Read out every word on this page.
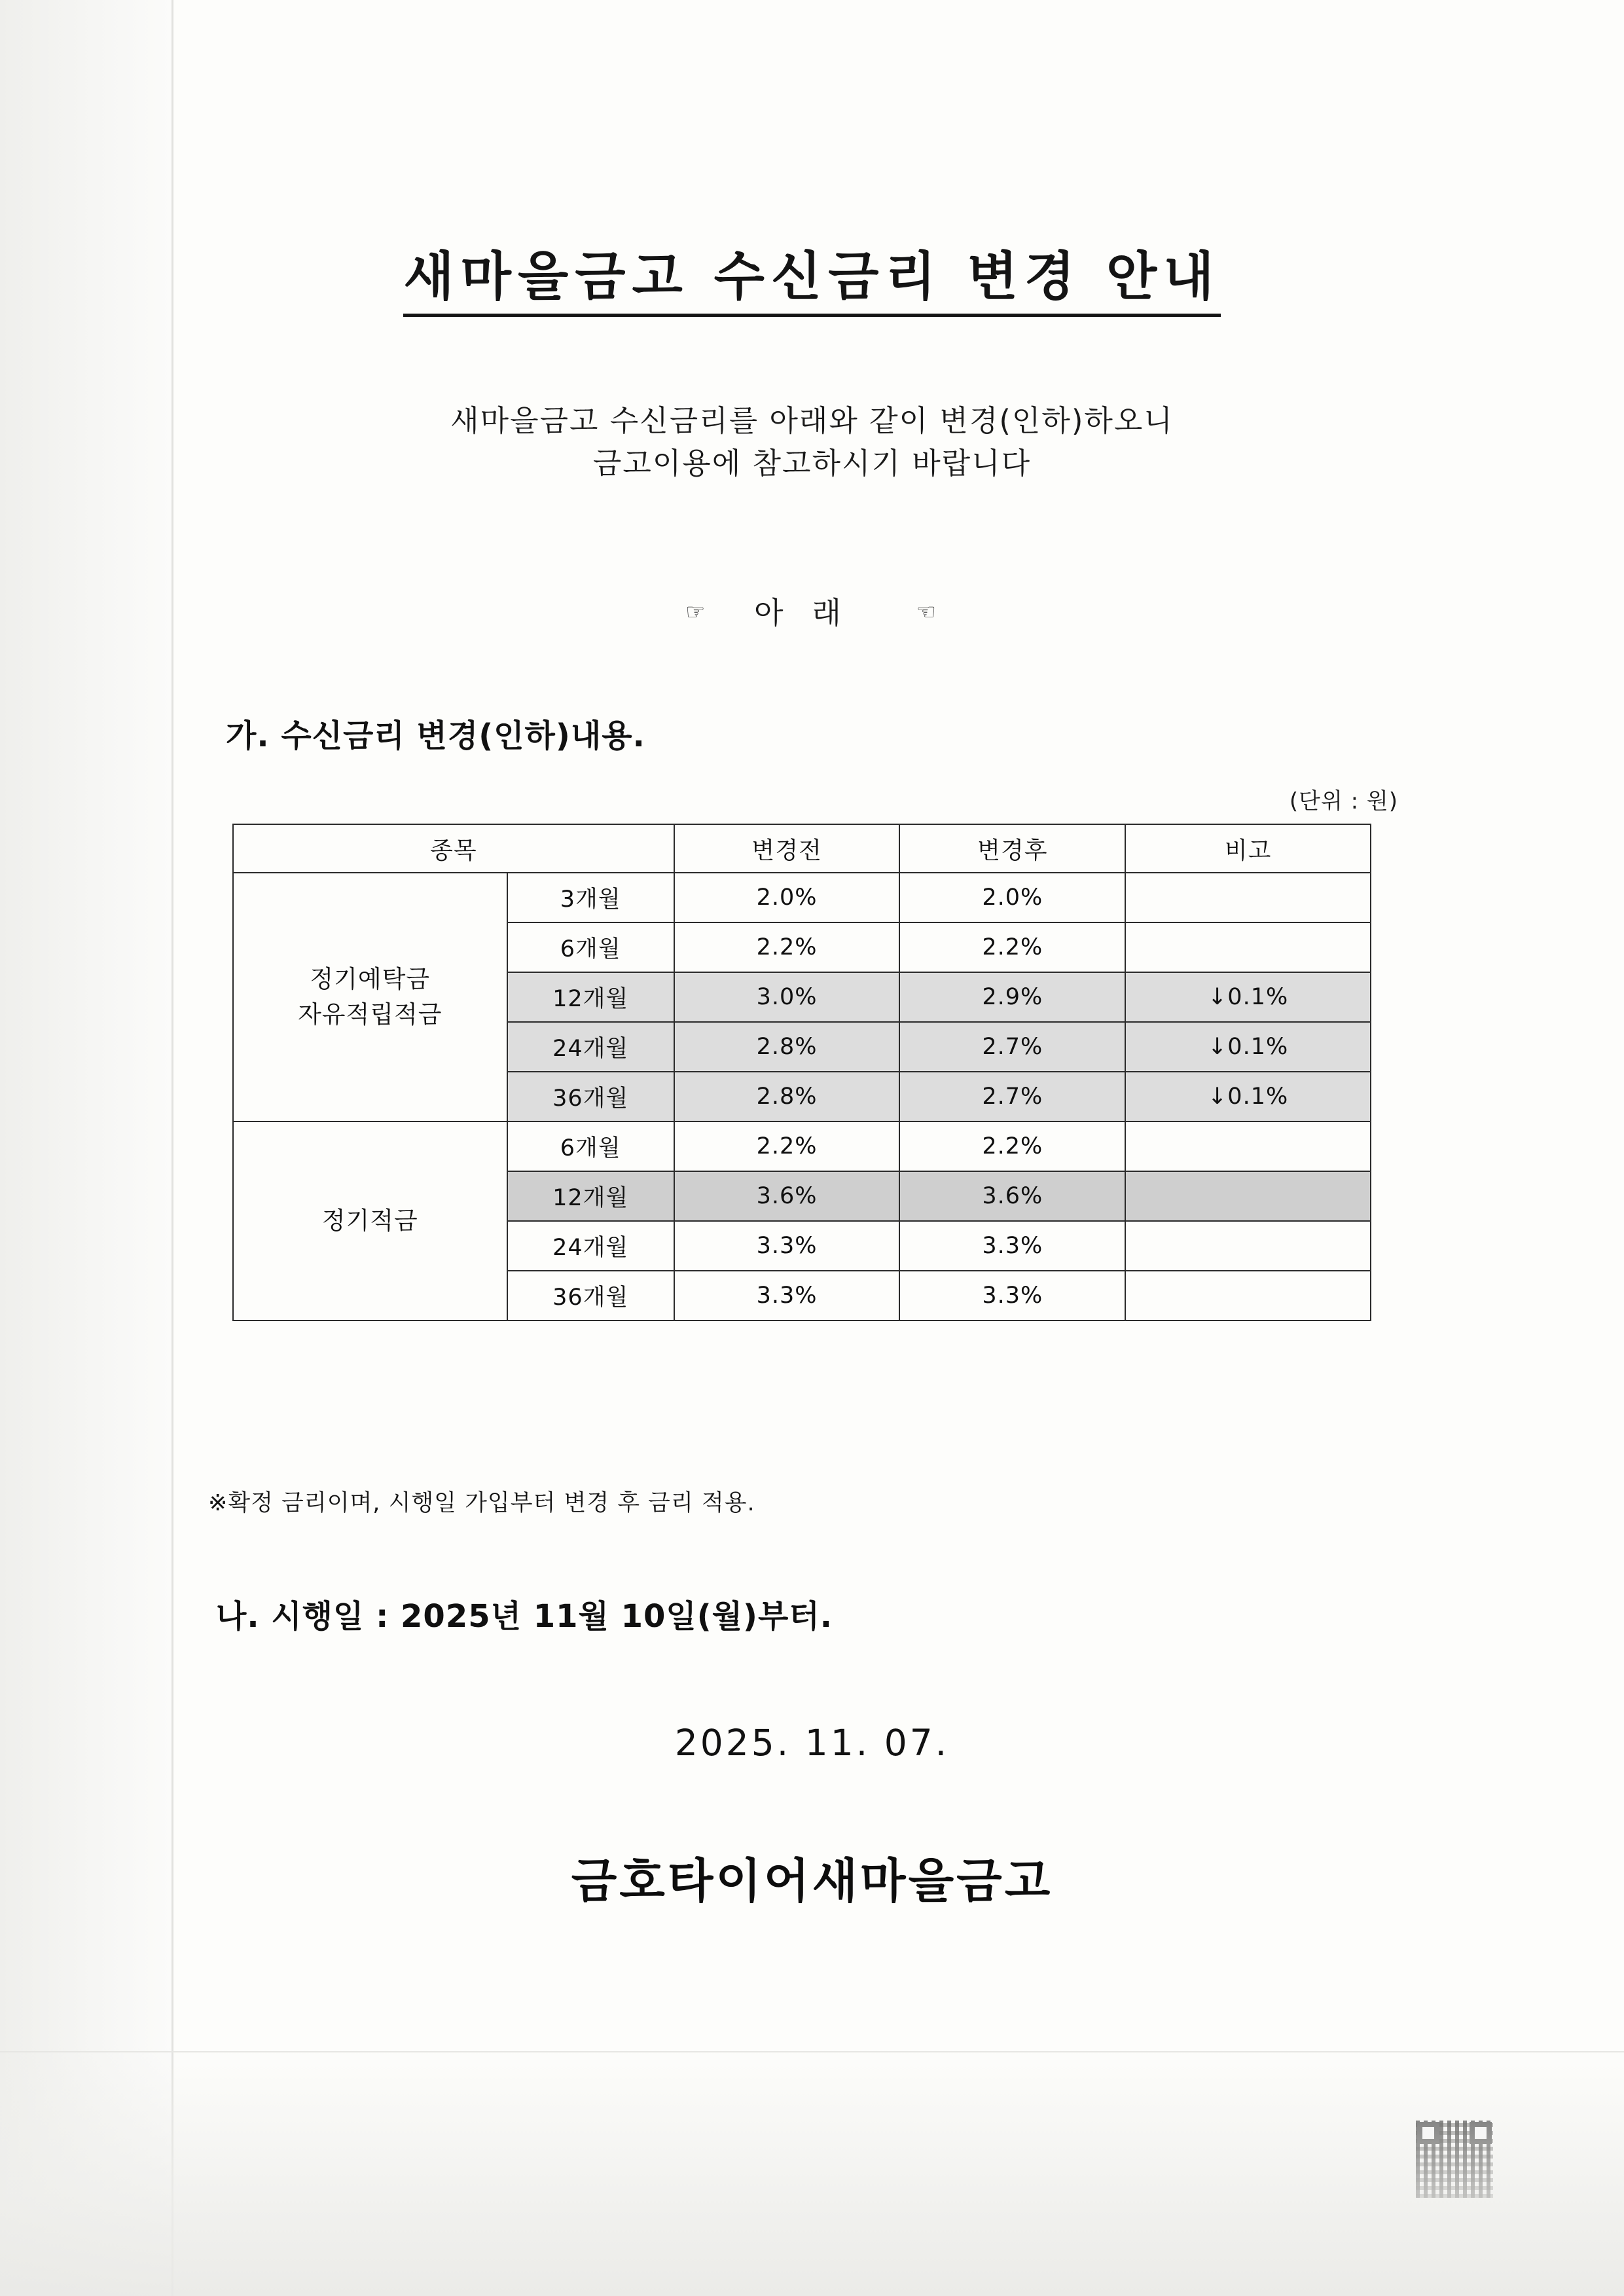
새마을금고 수신금리 변경 안내
새마을금고 수신금리를 아래와 같이 변경(인하)하오니
금고이용에 참고하시기 바랍니다
☞ 아래 ☜
가. 수신금리 변경(인하)내용.
(단위 : 원)
종목		변경전	변경후	비고

정기예탁금
자유적립적금	3개월	2.0%	2.0%	
	6개월	2.2%	2.2%	
	12개월	3.0%	2.9%	↓0.1%
	24개월	2.8%	2.7%	↓0.1%
	36개월	2.8%	2.7%	↓0.1%
정기적금	6개월	2.2%	2.2%	
	12개월	3.6%	3.6%	
	24개월	3.3%	3.3%	
	36개월	3.3%	3.3%	
※확정 금리이며, 시행일 가입부터 변경 후 금리 적용.
나. 시행일 : 2025년 11월 10일(월)부터.
2025. 11. 07.
금호타이어새마을금고
